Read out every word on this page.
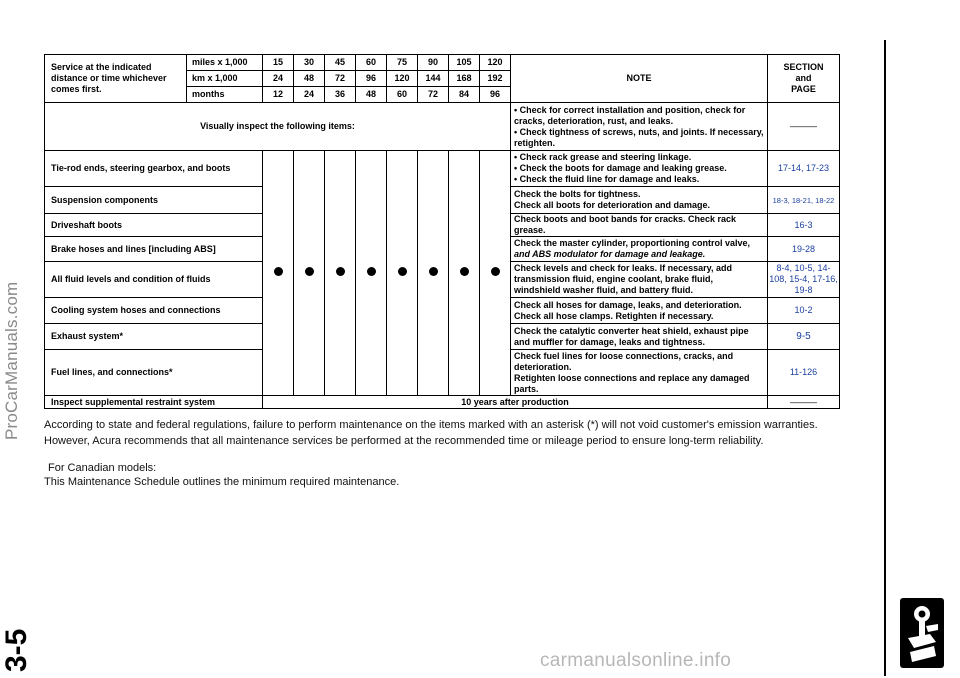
ProCarManuals.com
Service at the indicated distance or time whichever comes first.	miles x 1,000	15	30	45	60	75	90	105	120	NOTE	SECTION
and
PAGE

	km x 1,000	24	48	72	96	120	144	168	192		
	months	12	24	36	48	60	72	84	96		
Visually inspect the following items:										• Check for correct installation and position, check for cracks, deterioration, rust, and leaks.
• Check tightness of screws, nuts, and joints. If necessary, retighten.	———
Tie-rod ends, steering gearbox, and boots										• Check rack grease and steering linkage.
• Check the boots for damage and leaking grease.
• Check the fluid line for damage and leaks.	17-14, 17-23
Suspension components										Check the bolts for tightness.
Check all boots for deterioration and damage.	18-3, 18-21, 18-22
Driveshaft boots										Check boots and boot bands for cracks. Check rack grease.	16-3
Brake hoses and lines [including ABS]										Check the master cylinder, proportioning control valve,
and ABS modulator for damage and leakage.	19-28
All fluid levels and condition of fluids										Check levels and check for leaks. If necessary, add
transmission fluid, engine coolant, brake fluid,
windshield washer fluid, and battery fluid.	8-4, 10-5, 14-108, 15-4, 17-16, 19-8
Cooling system hoses and connections										Check all hoses for damage, leaks, and deterioration.
Check all hose clamps. Retighten if necessary.	10-2
Exhaust system*										Check the catalytic converter heat shield, exhaust pipe
and muffler for damage, leaks and tightness.	9-5
Fuel lines, and connections*										Check fuel lines for loose connections, cracks, and
deterioration.
Retighten loose connections and replace any damaged
parts.	11-126
Inspect supplemental restraint system		10 years after production									———
According to state and federal regulations, failure to perform maintenance on the items marked with an asterisk (*) will not void customer's emission warranties. However, Acura recommends that all maintenance services be performed at the recommended time or mileage period to ensure long-term reliability.
For Canadian models:
This Maintenance Schedule outlines the minimum required maintenance.
3-5	carmanualsonline.info
